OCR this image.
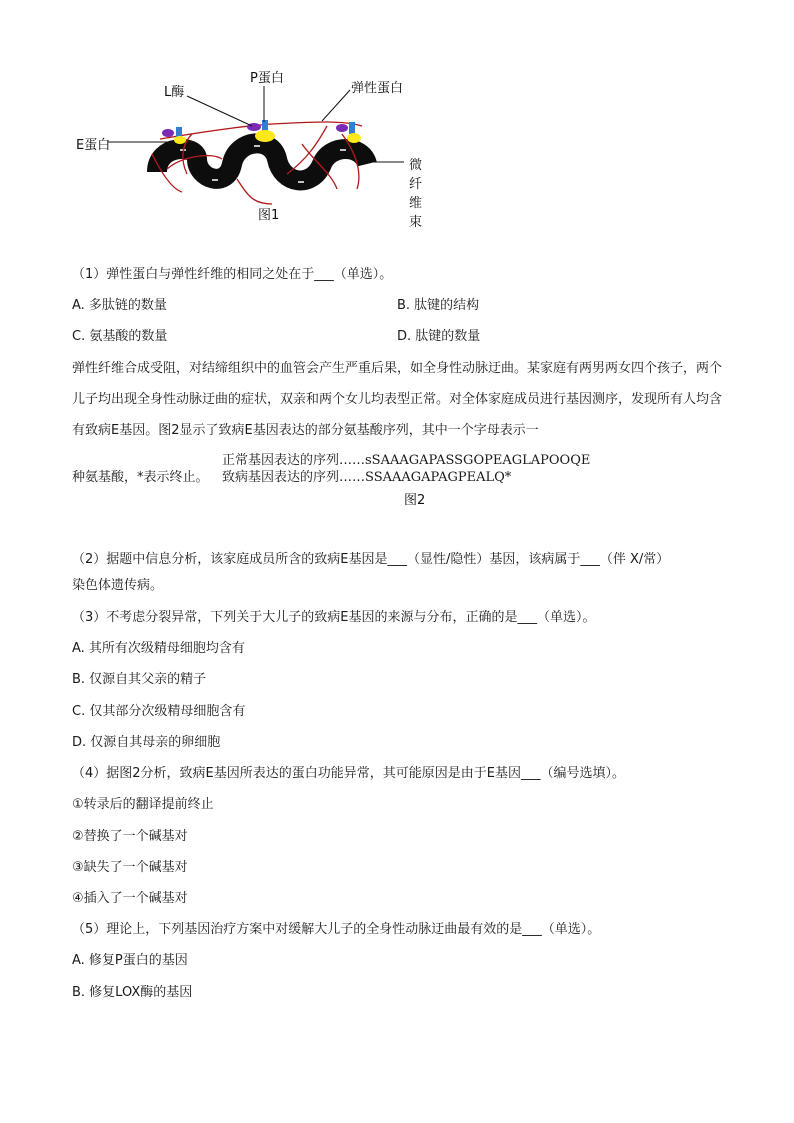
L酶
P蛋白
弹性蛋白
E蛋白
微纤维束
图1
（1）弹性蛋白与弹性纤维的相同之处在于___（单选）。
A. 多肽链的数量	B. 肽键的结构
C. 氨基酸的数量	D. 肽键的数量
弹性纤维合成受阻，对结缔组织中的血管会产生严重后果，如全身性动脉迂曲。某家庭有两男两女四个孩子，两个儿子均出现全身性动脉迂曲的症状，双亲和两个女儿均表型正常。对全体家庭成员进行基因测序，发现所有人均含有致病E基因。图2显示了致病E基因表达的部分氨基酸序列，其中一个字母表示一
种氨基酸，*表示终止。
正常基因表达的序列……sSAAAGAPASSGOPEAGLAPOOQE
致病基因表达的序列……SSAAAGAPAGPEALQ*
图2
（2）据题中信息分析，该家庭成员所含的致病E基因是___（显性/隐性）基因，该病属于___（伴 X/常）
染色体遗传病。
（3）不考虑分裂异常，下列关于大儿子的致病E基因的来源与分布，正确的是___（单选）。
A. 其所有次级精母细胞均含有
B. 仅源自其父亲的精子
C. 仅其部分次级精母细胞含有
D. 仅源自其母亲的卵细胞
（4）据图2分析，致病E基因所表达的蛋白功能异常，其可能原因是由于E基因___（编号选填）。
①转录后的翻译提前终止
②替换了一个碱基对
③缺失了一个碱基对
④插入了一个碱基对
（5）理论上，下列基因治疗方案中对缓解大儿子的全身性动脉迂曲最有效的是___（单选）。
A. 修复P蛋白的基因
B. 修复LOX酶的基因
